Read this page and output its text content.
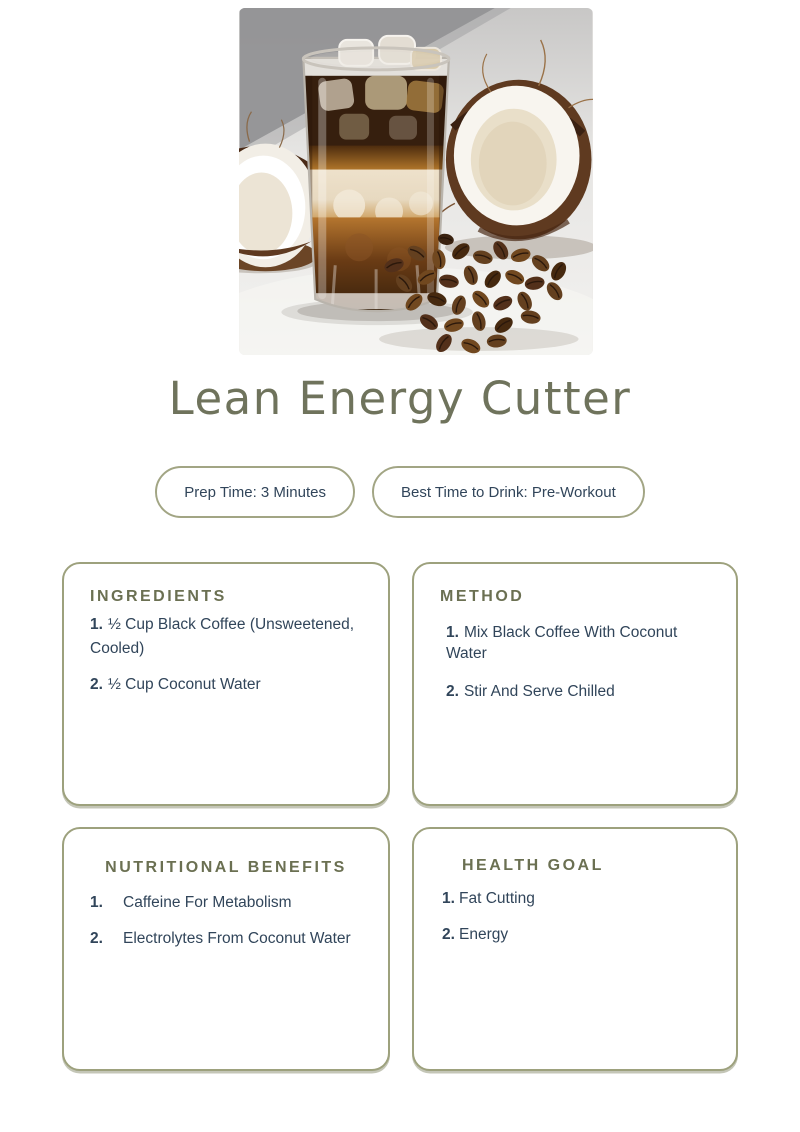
Lean Energy Cutter
Prep Time: 3 Minutes	Best Time to Drink: Pre-Workout
INGREDIENTS

1. ½ Cup Black Coffee (Unsweetened, Cooled)

2. ½ Cup Coconut Water

METHOD

1. Mix Black Coffee With Coconut Water

2. Stir And Serve Chilled

NUTRITIONAL BENEFITS
1.	Caffeine For Metabolism
2.	Electrolytes From Coconut Water
HEALTH GOAL
1. Fat Cutting
2. Energy
